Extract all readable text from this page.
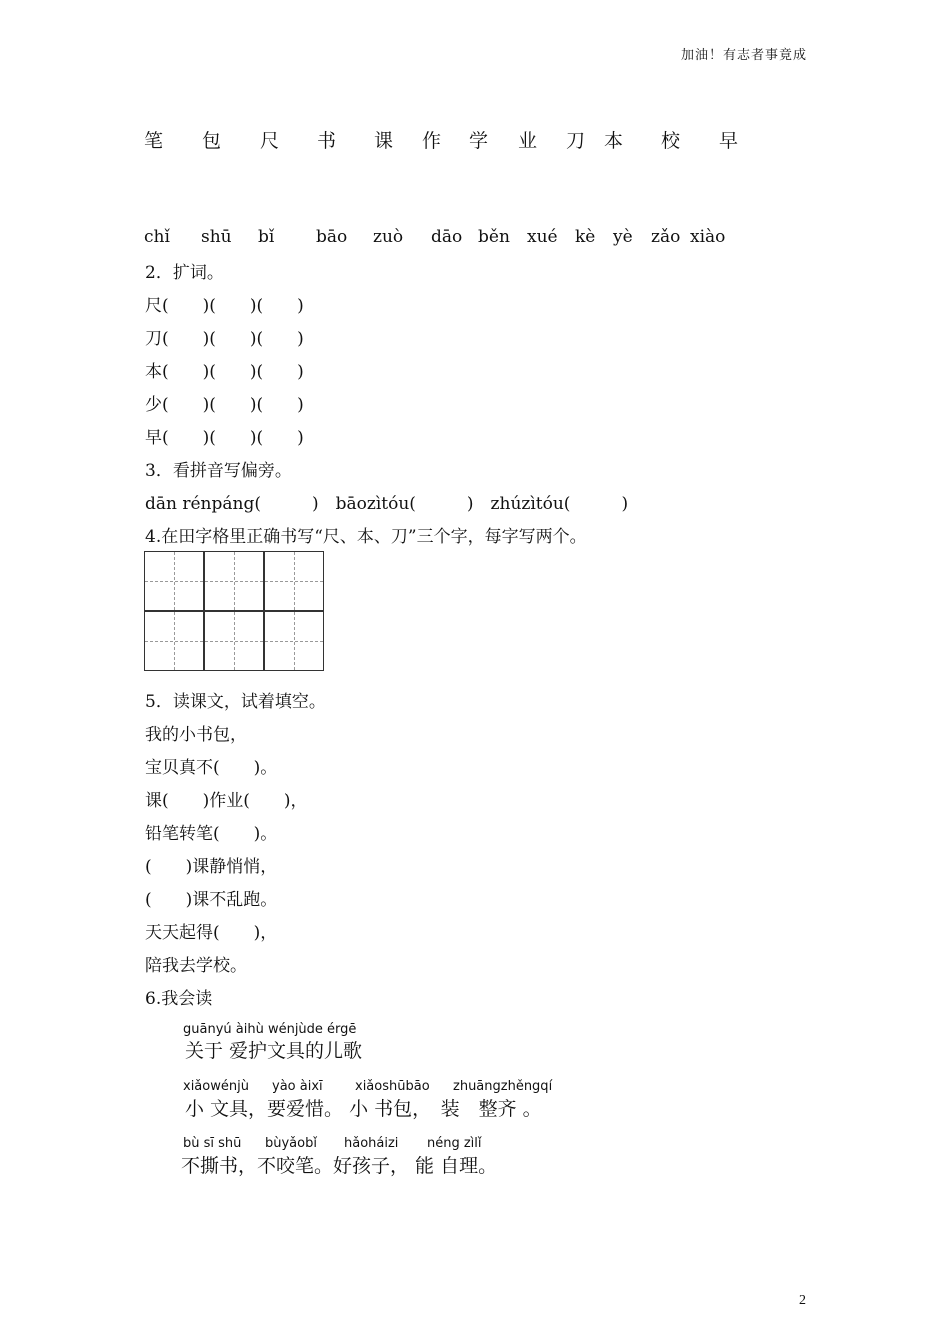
加油！有志者事竟成
笔 包 尺 书 课 作 学 业 刀 本 校 早
chǐ shū bǐ bāo zuò dāo běn xué kè yè zǎo xiào
2．扩词。
尺(　　)(　　)(　　)
刀(　　)(　　)(　　)
本(　　)(　　)(　　)
少(　　)(　　)(　　)
早(　　)(　　)(　　)
3．看拼音写偏旁。
dān rénpáng(　　　)　bāozìtóu(　　　)　zhúzìtóu(　　　)
4.在田字格里正确书写“尺、本、刀”三个字，每字写两个。
5．读课文，试着填空。
我的小书包，
宝贝真不(　　)。
课(　　)作业(　　)，
铅笔转笔(　　)。
(　　)课静悄悄，
(　　)课不乱跑。
天天起得(　　)，
陪我去学校。
6.我会读
guānyú àihù wénjùde érgē
关于 爱护文具的儿歌
xiǎowénjù yào àixī xiǎoshūbāo zhuāngzhěngqí
小 文具，要爱惜。 小 书包，　装　整齐 。
bù sī shū bùyǎobǐ hǎoháizi néng zìlǐ
不撕书，不咬笔。好孩子， 能 自理。
2
